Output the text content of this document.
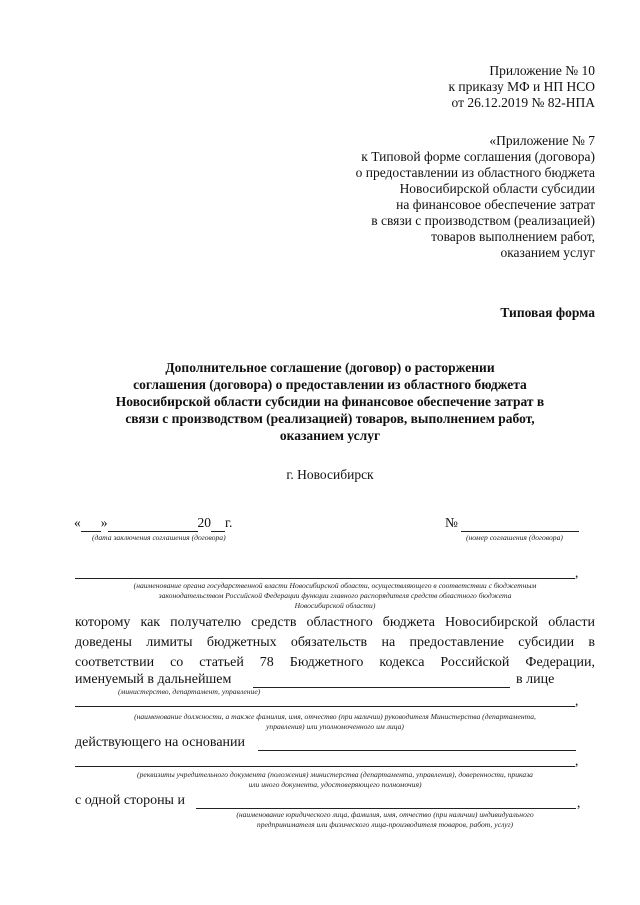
Приложение № 10
к приказу МФ и НП НСО
от 26.12.2019 № 82-НПА
«Приложение № 7
к Типовой форме соглашения (договора)
о предоставлении из областного бюджета
Новосибирской области субсидии
на финансовое обеспечение затрат
в связи с производством (реализацией)
товаров выполнением работ,
оказанием услуг
Типовая форма
Дополнительное соглашение (договор) о расторжении
соглашения (договора) о предоставлении из областного бюджета
Новосибирской области субсидии на финансовое обеспечение затрат в
связи с производством (реализацией) товаров, выполнением работ,
оказанием услуг
г. Новосибирск
« »	20 г.
(дата заключения соглашения (договора)
№
(номер соглашения (договора)
,
(наименование органа государственной власти Новосибирской области, осуществляющего в соответствии с бюджетным
законодательством Российской Федерации функции главного распорядителя средств областного бюджета
Новосибирской области)
которому как получателю средств областного бюджета Новосибирской области
доведены лимиты бюджетных обязательств на предоставление субсидии в
соответствии со статьей 78 Бюджетного кодекса Российской Федерации,
именуемый в дальнейшем	в лице
(министерство, департамент, управление)
,
(наименование должности, а также фамилия, имя, отчество (при наличии) руководителя Министерства (департамента,
управления) или уполномоченного им лица)
действующего на основании
,
(реквизиты учредительного документа (положения) министерства (департамента, управления), доверенности, приказа
или иного документа, удостоверяющего полномочия)
с одной стороны и	,
(наименование юридического лица, фамилия, имя, отчество (при наличии) индивидуального
предпринимателя или физического лица-производителя товаров, работ, услуг)
